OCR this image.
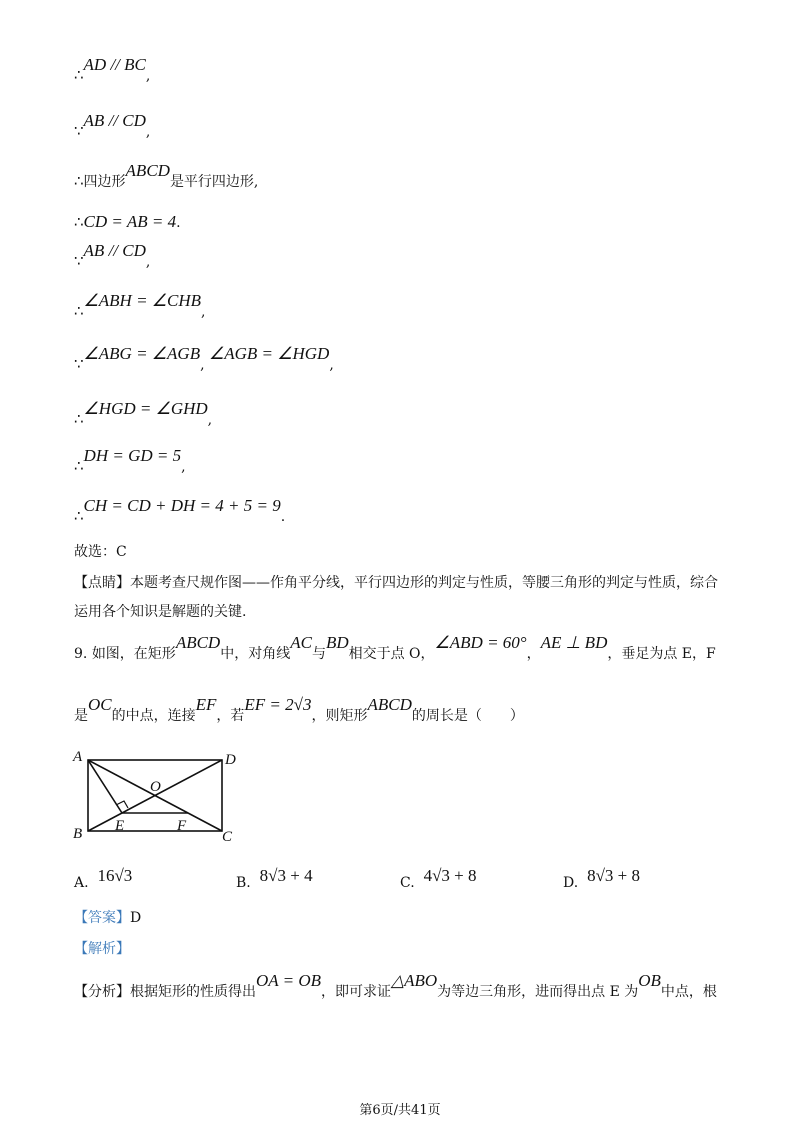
∴AD // BC,
∵AB // CD,
∴四边形ABCD是平行四边形,
∴CD = AB = 4.
∵AB // CD,
∴∠ABH = ∠CHB,
∵∠ABG = ∠AGB, ∠AGB = ∠HGD,
∴∠HGD = ∠GHD,
∴DH = GD = 5,
∴CH = CD + DH = 4 + 5 = 9.
故选：C
【点睛】本题考查尺规作图——作角平分线，平行四边形的判定与性质，等腰三角形的判定与性质，综合
运用各个知识是解题的关键.
9. 如图，在矩形ABCD中，对角线AC与BD相交于点 O，∠ABD = 60°，AE ⊥ BD，垂足为点 E，F
是OC的中点，连接EF，若EF = 2√3，则矩形ABCD的周长是（　　）
A	D
O
B E	F
C
A. 16√3	B. 8√3 + 4	C. 4√3 + 8	D. 8√3 + 8
【答案】D
【解析】
【分析】根据矩形的性质得出OA = OB，即可求证△ABO为等边三角形，进而得出点 E 为OB中点，根
第6页/共41页
